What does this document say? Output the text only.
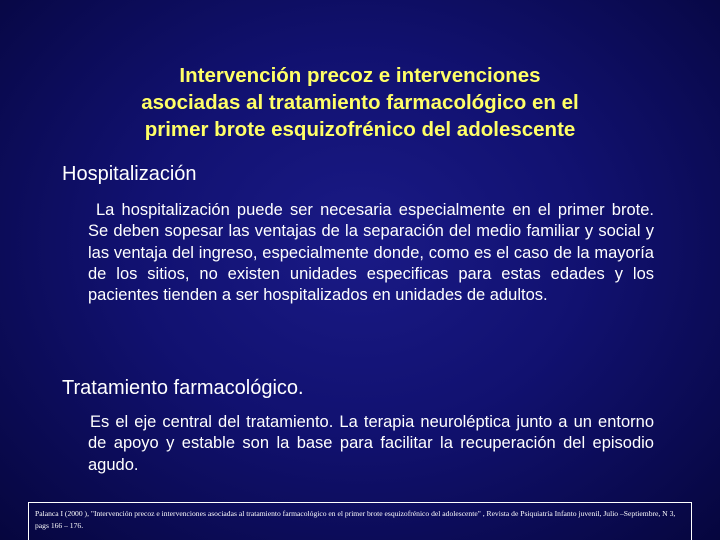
Intervención precoz e intervenciones
asociadas al tratamiento farmacológico en el
primer brote esquizofrénico del adolescente
Hospitalización

La hospitalización puede ser necesaria especialmente en el primer brote. Se deben sopesar las ventajas de la separación del medio familiar y social y las ventaja del ingreso, especialmente donde, como es el caso de la mayoría de los sitios, no existen unidades especificas para estas edades y los pacientes tienden a ser hospitalizados en unidades de adultos.

Tratamiento farmacológico.

Es el eje central del tratamiento. La terapia neuroléptica junto a un entorno de apoyo y estable son la base para facilitar la recuperación del episodio agudo.

Palanca I (2000 ), "Intervención precoz e intervenciones asociadas al tratamiento farmacológico en el primer brote esquizofrénico del adolescente" , Revista de Psiquiatría Infanto juvenil, Julio –Septiembre, N 3, pags 166 – 176.
